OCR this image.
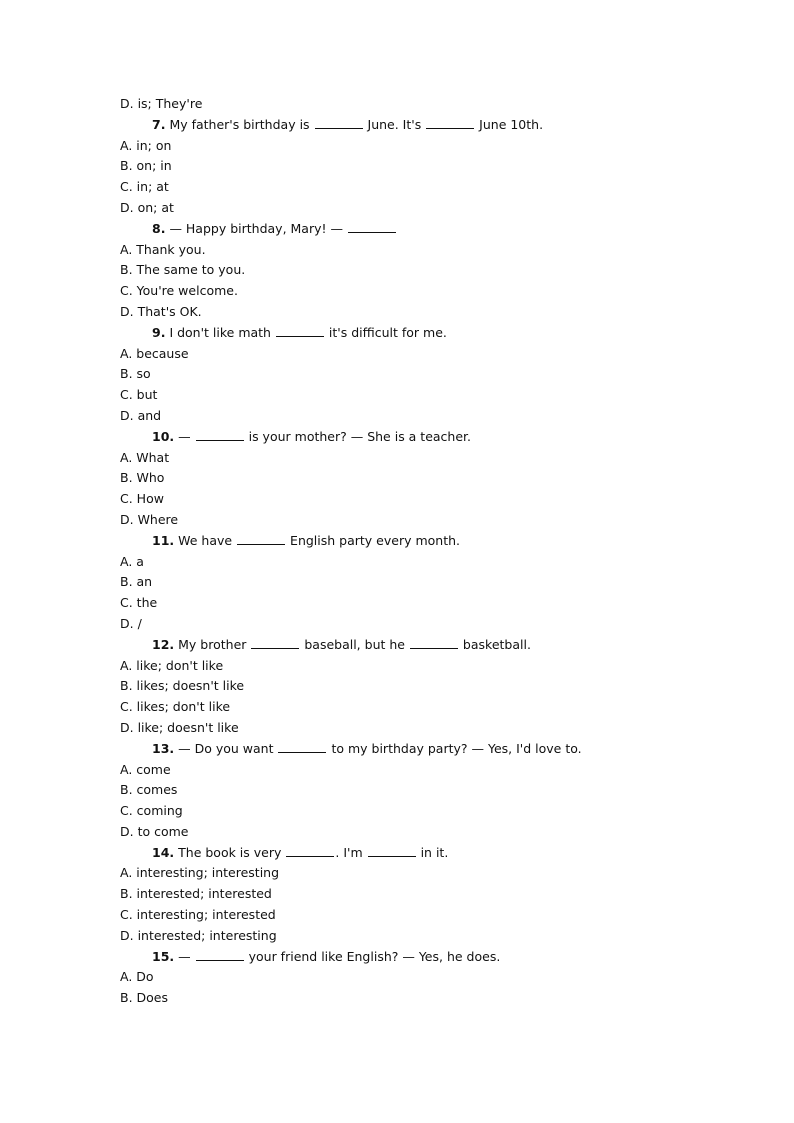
D. is; They're
7. My father's birthday is	June. It's	June 10th.
A. in; on
B. on; in
C. in; at
D. on; at
8. — Happy birthday, Mary! —
A. Thank you.
B. The same to you.
C. You're welcome.
D. That's OK.
9. I don't like math	it's difficult for me.
A. because
B. so
C. but
D. and
10. —	is your mother? — She is a teacher.
A. What
B. Who
C. How
D. Where
11. We have	English party every month.
A. a
B. an
C. the
D. /
12. My brother	baseball, but he	basketball.
A. like; don't like
B. likes; doesn't like
C. likes; don't like
D. like; doesn't like
13. — Do you want	to my birthday party? — Yes, I'd love to.
A. come
B. comes
C. coming
D. to come
14. The book is very	. I'm	in it.
A. interesting; interesting
B. interested; interested
C. interesting; interested
D. interested; interesting
15. —	your friend like English? — Yes, he does.
A. Do
B. Does
